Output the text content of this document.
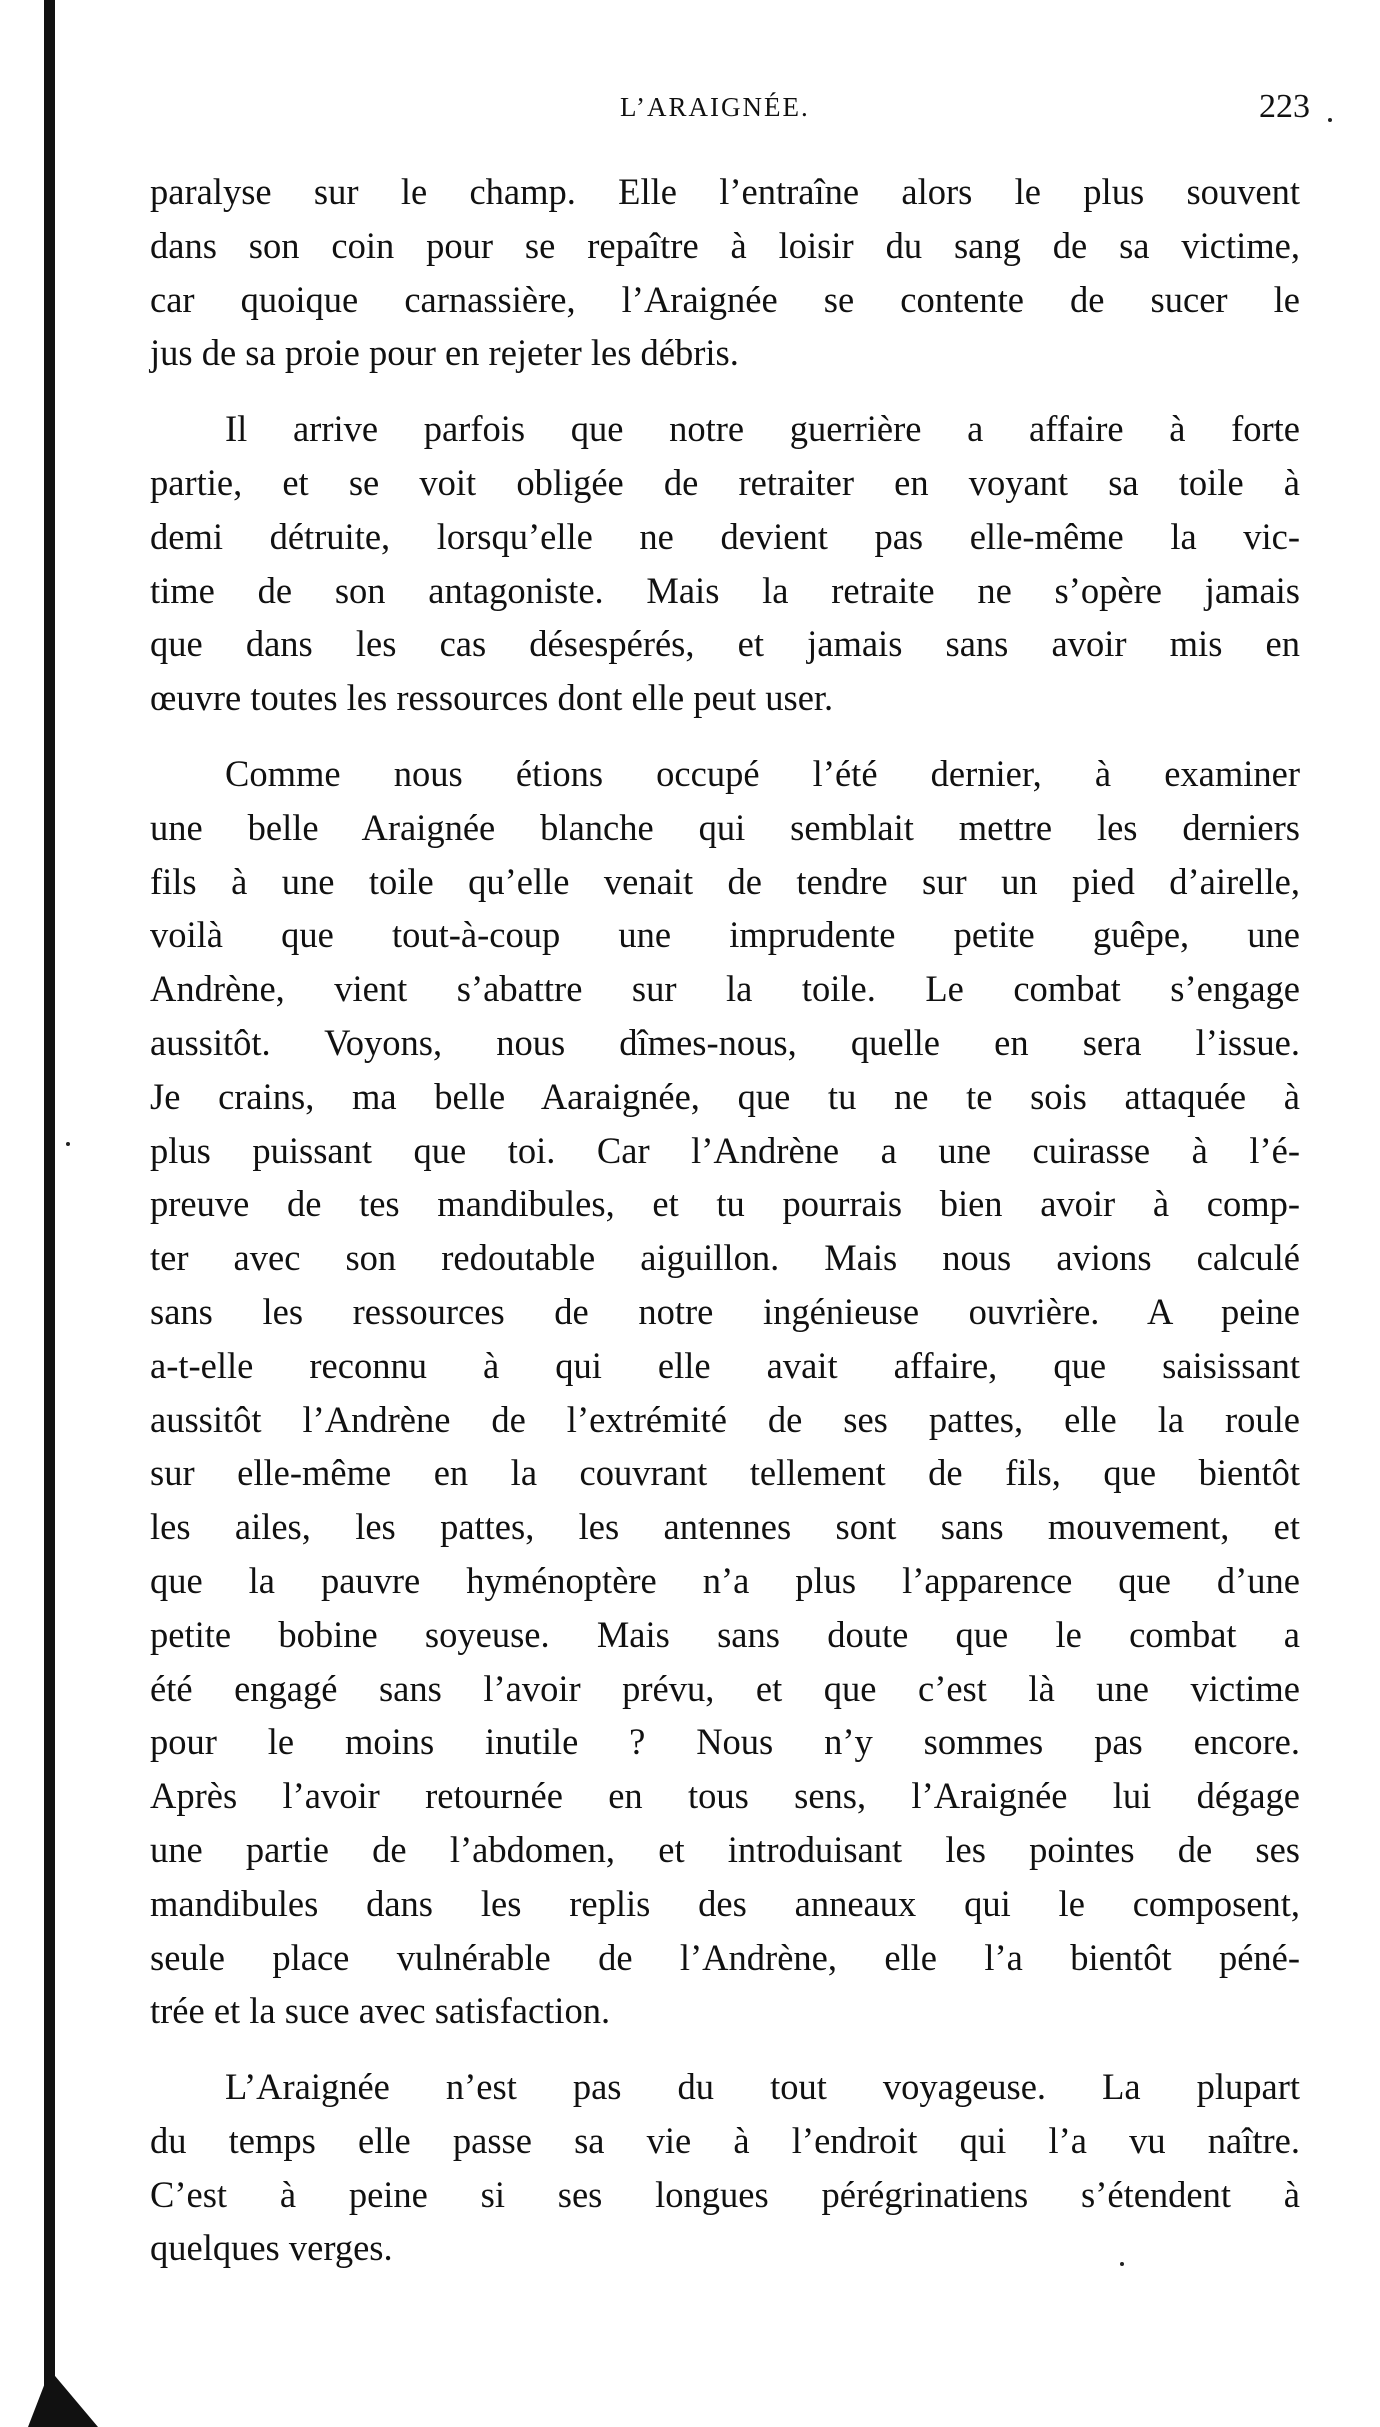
L’ARAIGNÉE.	223

paralyse sur le champ. Elle l’entraîne alors le plus souvent
dans son coin pour se repaître à loisir du sang de sa victime,
car quoique carnassière, l’Araignée se contente de sucer le
jus de sa proie pour en rejeter les débris.

Il arrive parfois que notre guerrière a affaire à forte
partie, et se voit obligée de retraiter en voyant sa toile à
demi détruite, lorsqu’elle ne devient pas elle-même la vic-
time de son antagoniste. Mais la retraite ne s’opère jamais
que dans les cas désespérés, et jamais sans avoir mis en
œuvre toutes les ressources dont elle peut user.

Comme nous étions occupé l’été dernier, à examiner
une belle Araignée blanche qui semblait mettre les derniers
fils à une toile qu’elle venait de tendre sur un pied d’airelle,
voilà que tout-à-coup une imprudente petite guêpe, une
Andrène, vient s’abattre sur la toile. Le combat s’engage
aussitôt. Voyons, nous dîmes-nous, quelle en sera l’issue.
Je crains, ma belle Aaraignée, que tu ne te sois attaquée à
plus puissant que toi. Car l’Andrène a une cuirasse à l’é-
preuve de tes mandibules, et tu pourrais bien avoir à comp-
ter avec son redoutable aiguillon. Mais nous avions calculé
sans les ressources de notre ingénieuse ouvrière. A peine
a-t-elle reconnu à qui elle avait affaire, que saisissant
aussitôt l’Andrène de l’extrémité de ses pattes, elle la roule
sur elle-même en la couvrant tellement de fils, que bientôt
les ailes, les pattes, les antennes sont sans mouvement, et
que la pauvre hyménoptère n’a plus l’apparence que d’une
petite bobine soyeuse. Mais sans doute que le combat a
été engagé sans l’avoir prévu, et que c’est là une victime
pour le moins inutile ? Nous n’y sommes pas encore.
Après l’avoir retournée en tous sens, l’Araignée lui dégage
une partie de l’abdomen, et introduisant les pointes de ses
mandibules dans les replis des anneaux qui le composent,
seule place vulnérable de l’Andrène, elle l’a bientôt péné-
trée et la suce avec satisfaction.

L’Araignée n’est pas du tout voyageuse. La plupart
du temps elle passe sa vie à l’endroit qui l’a vu naître.
C’est à peine si ses longues pérégrinatiens s’étendent à
quelques verges.
